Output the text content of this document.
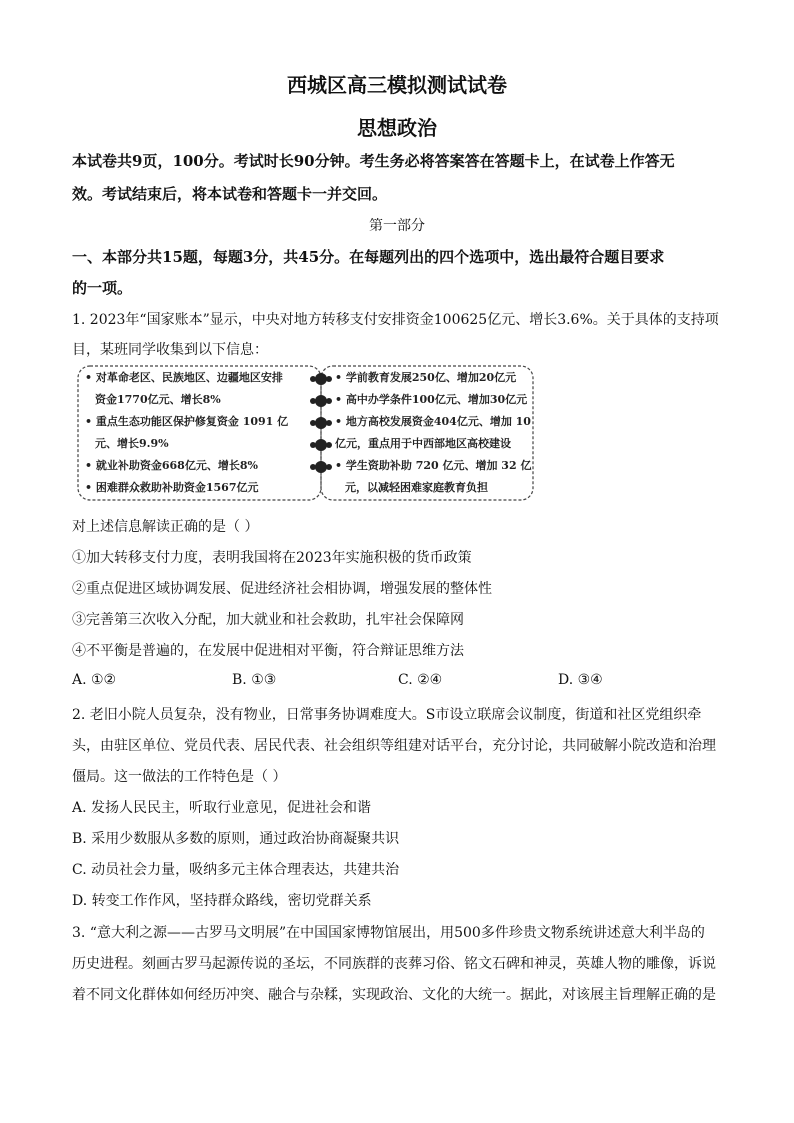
西城区高三模拟测试试卷
思想政治
本试卷共9页，100分。考试时长90分钟。考生务必将答案答在答题卡上，在试卷上作答无
效。考试结束后，将本试卷和答题卡一并交回。
第一部分
一、本部分共15题，每题3分，共45分。在每题列出的四个选项中，选出最符合题目要求
的一项。
1. 2023年“国家账本”显示，中央对地方转移支付安排资金100625亿元、增长3.6%。关于具体的支持项
目，某班同学收集到以下信息：
• 对革命老区、民族地区、边疆地区安排
资金1770亿元、增长8%
• 重点生态功能区保护修复资金 1091 亿
元、增长9.9%
• 就业补助资金668亿元、增长8%
• 困难群众救助补助资金1567亿元
• 学前教育发展250亿、增加20亿元
• 高中办学条件100亿元、增加30亿元
• 地方高校发展资金404亿元、增加 10
亿元，重点用于中西部地区高校建设
• 学生资助补助 720 亿元、增加 32 亿
元，以减轻困难家庭教育负担
对上述信息解读正确的是（ ）
①加大转移支付力度，表明我国将在2023年实施积极的货币政策
②重点促进区域协调发展、促进经济社会相协调，增强发展的整体性
③完善第三次收入分配，加大就业和社会救助，扎牢社会保障网
④不平衡是普遍的，在发展中促进相对平衡，符合辩证思维方法
A. ①②	B. ①③	C. ②④	D. ③④
2. 老旧小院人员复杂，没有物业，日常事务协调难度大。S市设立联席会议制度，街道和社区党组织牵
头，由驻区单位、党员代表、居民代表、社会组织等组建对话平台，充分讨论，共同破解小院改造和治理
僵局。这一做法的工作特色是（ ）
A. 发扬人民民主，听取行业意见，促进社会和谐
B. 采用少数服从多数的原则，通过政治协商凝聚共识
C. 动员社会力量，吸纳多元主体合理表达，共建共治
D. 转变工作作风，坚持群众路线，密切党群关系
3. “意大利之源——古罗马文明展”在中国国家博物馆展出，用500多件珍贵文物系统讲述意大利半岛的
历史进程。刻画古罗马起源传说的圣坛，不同族群的丧葬习俗、铭文石碑和神灵，英雄人物的雕像，诉说
着不同文化群体如何经历冲突、融合与杂糅，实现政治、文化的大统一。据此，对该展主旨理解正确的是
